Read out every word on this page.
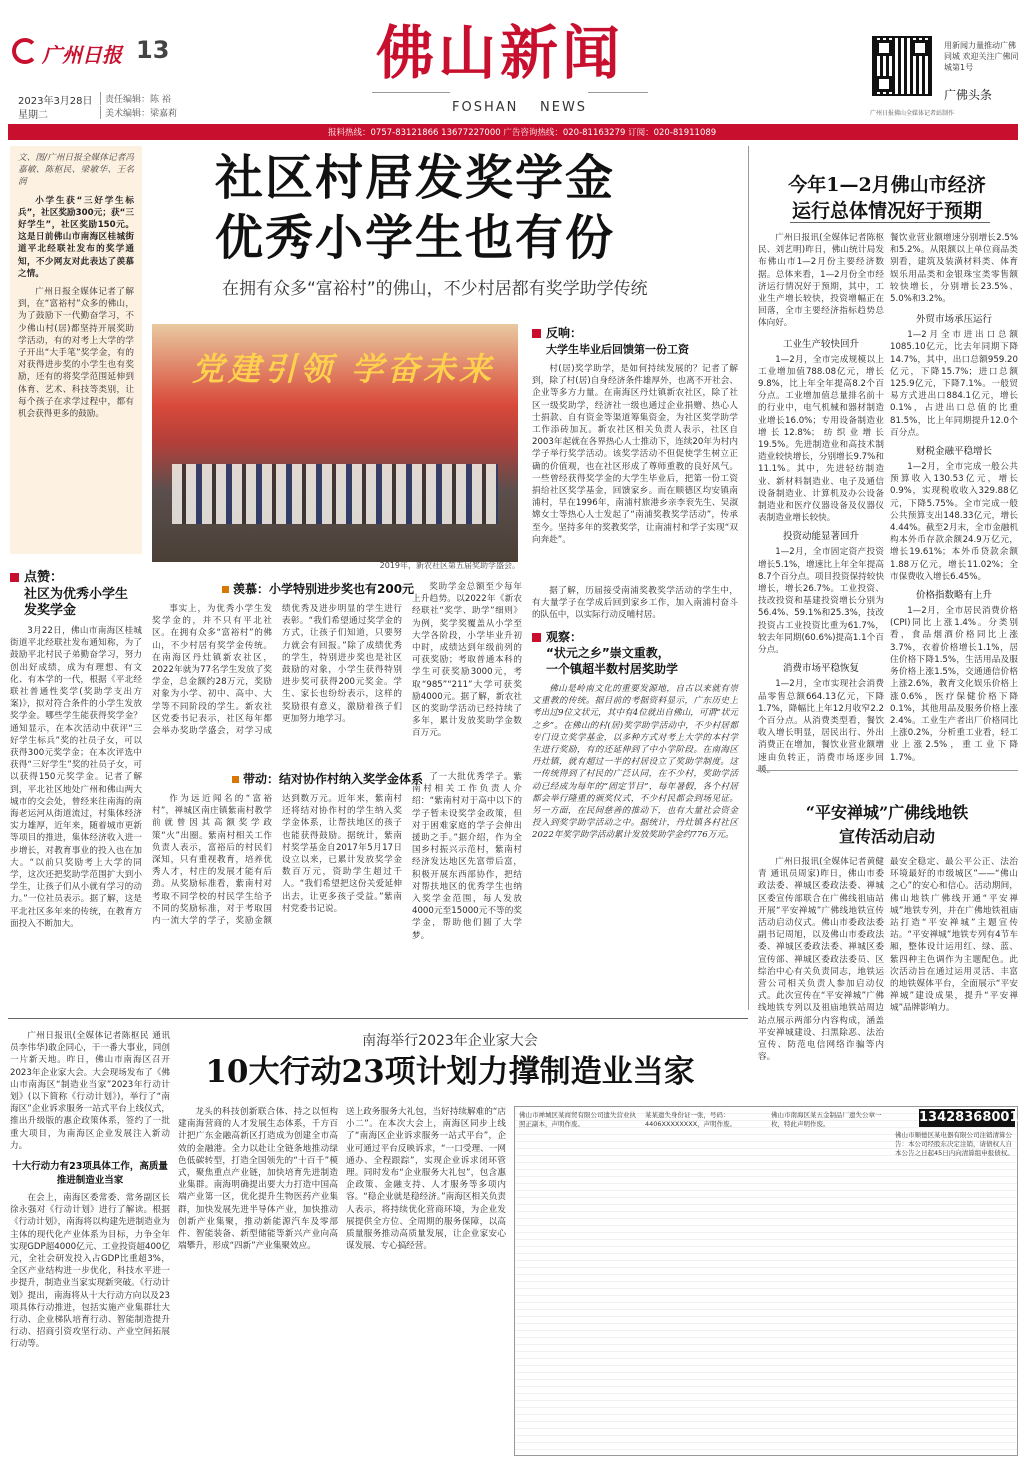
广州日报 13
2023年3月28日
星期二
责任编辑：陈 裕
美术编辑：梁嘉莉
佛山新闻
FOSHAN NEWS
用新闻力量推动广佛同城 欢迎关注广佛同城第1号
广佛头条
广州日报佛山全媒体记者站制作
报料热线：0757-83121866 13677227000 广告咨询热线：020-81163279 订阅：020-81911089
文、图/广州日报全媒体记者冯嘉敏、陈枢民、梁敏华、王名润
小学生获“三好学生标兵”，社区奖励300元；获“三好学生”，社区奖励150元。这是日前佛山市南海区桂城街道平北经联社发布的奖学通知，不少网友对此表达了羡慕之情。
广州日报全媒体记者了解到，在“富裕村”众多的佛山，为了鼓励下一代勤奋学习，不少佛山村(居)都坚持开展奖助学活动，有的对考上大学的学子开出“大手笔”奖学金，有的对获得进步奖的小学生也有奖励，还有的将奖学范围延伸到体育、艺术、科技等类别，让每个孩子在求学过程中，都有机会获得更多的鼓励。
社区村居发奖学金
优秀小学生也有份
在拥有众多“富裕村”的佛山，不少村居都有奖学助学传统
党建引领 学奋未来
2019年，新农社区第五届奖助学盛会。
点赞：
社区为优秀小学生
发奖学金
3月22日，佛山市南海区桂城街道平北经联社发布通知称，为了鼓励平北村民子弟勤奋学习，努力创出好成绩，成为有理想、有文化、有本学的一代，根据《平北经联社普通性奖学(奖助学支出方案)》，拟对符合条件的小学生发放奖学金。哪些学生能获得奖学金？通知显示，在本次活动中获评“三好学生标兵”奖的社员子女，可以获得300元奖学金；在本次评选中获得“三好学生”奖的社员子女，可以获得150元奖学金。记者了解到，平北社区地处广州和佛山两大城市的交会处，曾经来往南海的南海老运河从街道流过，村集体经济实力雄厚，近年来，随着城市更新等项目的推进，集体经济收入进一步增长，对教育事业的投入也在加大。“以前只奖励考上大学的同学，这次还把奖助学范围扩大到小学生，让孩子们从小就有学习的动力。”一位社员表示。据了解，这是平北社区多年来的传统，在教育方面投入不断加大。
羡慕：小学特别进步奖也有200元
事实上，为优秀小学生发奖学金的，并不只有平北社区。在拥有众多“富裕村”的佛山，不少村居有奖学金传统。在南海区丹灶镇新农社区，2022年就为77名学生发放了奖学金，总金额约28万元，奖励对象为小学、初中、高中、大学等不同阶段的学生。新农社区党委书记表示，社区每年都会举办奖助学盛会，对学习成绩优秀及进步明显的学生进行表彰。“我们希望通过奖学金的方式，让孩子们知道，只要努力就会有回报。”除了成绩优秀的学生，特别进步奖也是社区鼓励的对象，小学生获得特别进步奖可获得200元奖金。学生、家长也纷纷表示，这样的奖励很有意义，激励着孩子们更加努力地学习。
奖助学金总额至少每年上升趋势。以2022年《新农经联社“奖学、助学”细则》为例，奖学奖覆盖从小学至大学各阶段，小学毕业升初中时，成绩达到年级前列的可获奖励；考取普通本科的学生可获奖励3000元，考取“985”“211”大学可获奖励4000元。据了解，新农社区的奖助学活动已经持续了多年，累计发放奖助学金数百万元。
带动：结对协作村纳入奖学金体系
作为远近闻名的“富裕村”，禅城区南庄镇紫南村教学前就曾因其高额奖学政策“火”出圈。紫南村相关工作负责人表示，富裕后的村民们深知，只有重视教育，培养优秀人才，村庄的发展才能有后劲。从奖励标准看，紫南村对考取不同学校的村民学生给予不同的奖励标准，对于考取国内一流大学的学子，奖励金额达到数万元。近年来，紫南村还将结对协作村的学生纳入奖学金体系，让帮扶地区的孩子也能获得鼓励。据统计，紫南村奖学基金自2017年5月17日设立以来，已累计发放奖学金数百万元，资助学生超过千人。“我们希望把这份关爱延伸出去，让更多孩子受益。”紫南村党委书记说。
了一大批优秀学子。紫南村相关工作负责人介绍：“紫南村对于高中以下的学子暂未设奖学金政策，但对于困难家庭的学子会伸出援助之手。”据介绍，作为全国乡村振兴示范村，紫南村经济发达地区先富带后富，积极开展东西部协作，把结对帮扶地区的优秀学生也纳入奖学金范围，每人发放4000元至15000元不等的奖学金，帮助他们圆了大学梦。
反响：
大学生毕业后回馈第一份工资
村(居)奖学助学，是如何持续发展的？记者了解到，除了村(居)自身经济条件雄厚外，也离不开社会、企业等多方力量。在南海区丹灶镇新农社区，除了社区一级奖助学，经济社一级也通过企业捐赠、热心人士捐款、自有资金等渠道筹集资金，为社区奖学助学工作添砖加瓦。新农社区相关负责人表示，社区自2003年起就在各界热心人士推动下，连续20年为村内学子举行奖学活动。该奖学活动不但促使学生树立正确的价值观，也在社区形成了尊师重教的良好风气。一些曾经获得奖学金的大学生毕业后，把第一份工资捐给社区奖学基金，回馈家乡。而在顺德区均安镇南浦村，早在1996年，南浦村旅港乡亲李衮先生、吴淑嫦女士等热心人士发起了“南浦奖教奖学活动”，传承至今。坚持多年的奖教奖学，让南浦村和学子实现“双向奔赴”。
据了解，历届接受南浦奖教奖学活动的学生中，有大量学子在学成后回到家乡工作，加入南浦村奋斗的队伍中，以实际行动反哺村居。
观察：
“状元之乡”崇文重教，
一个镇超半数村居奖助学
佛山是岭南文化的重要发源地，自古以来就有崇文重教的传统。据目前的考据资料显示，广东历史上考出过9位文状元，其中有4位就出自佛山，可谓“状元之乡”。在佛山的村(居)奖学助学活动中，不少村居都专门设立奖学基金，以多种方式对考上大学的本村学生进行奖励，有的还延伸到了中小学阶段。在南海区丹灶镇，就有超过一半的村居设立了奖助学制度。这一传统得到了村民的广泛认同，在不少村，奖助学活动已经成为每年的“固定节目”，每年暑假，各个村居都会举行隆重的颁奖仪式，不少村民都会到场见证。另一方面，在民间慈善的推动下，也有大量社会资金投入到奖学助学活动之中。据统计，丹灶镇各村社区2022年奖学助学活动累计发放奖助学金约776万元。
今年1—2月佛山市经济
运行总体情况好于预期
广州日报讯(全媒体记者陈枢民、刘艺明)昨日，佛山统计局发布佛山市1—2月份主要经济数据。总体来看，1—2月份全市经济运行情况好于预期，其中，工业生产增长较快，投资增幅正在回落，全市主要经济指标趋势总体向好。
工业生产较快回升
1—2月，全市完成规模以上工业增加值788.08亿元，增长9.8%，比上年全年提高8.2个百分点。工业增加值总量排名前十的行业中，电气机械和器材制造业增长16.0%；专用设备制造业增长12.8%；纺织业增长19.5%。先进制造业和高技术制造业较快增长，分别增长9.7%和11.1%。其中，先进轻纺制造业、新材料制造业、电子及通信设备制造业、计算机及办公设备制造业和医疗仪器设备及仪器仪表制造业增长较快。
投资动能显著回升
1—2月，全市固定资产投资增长5.1%，增速比上年全年提高8.7个百分点。项目投资保持较快增长，增长26.7%。工业投资、技改投资和基建投资增长分别为56.4%、59.1%和25.3%，技改投资占工业投资比重为61.7%，较去年同期(60.6%)提高1.1个百分点。
消费市场平稳恢复
1—2月，全市实现社会消费品零售总额664.13亿元，下降1.7%，降幅比上年12月收窄2.2个百分点。从消费类型看，餐饮收入增长明显，居民出行、外出消费正在增加，餐饮业营业额增速由负转正，消费市场逐步回
餐饮业营业额增速分别增长2.5%和5.2%。从限额以上单位商品类别看，建筑及装潢材料类、体育娱乐用品类和金银珠宝类零售额较快增长，分别增长23.5%、5.0%和3.2%。
外贸市场承压运行
1—2月全市进出口总额1085.10亿元，比去年同期下降14.7%，其中，出口总额959.20亿元，下降15.7%；进口总额125.9亿元，下降7.1%。一般贸易方式进出口884.1亿元，增长0.1%，占进出口总值的比重81.5%，比上年同期提升12.0个百分点。
财税金融平稳增长
1—2月，全市完成一般公共预算收入130.53亿元，增长0.9%，实现税收收入329.88亿元，下降5.75%。全市完成一般公共预算支出148.33亿元，增长4.44%。截至2月末，全市金融机构本外币存款余额24.9万亿元，增长19.61%；本外币贷款余额1.88万亿元，增长11.02%；全市保费收入增长6.45%。
价格指数略有上升
1—2月，全市居民消费价格(CPI)同比上涨1.4%。分类别看，食品烟酒价格同比上涨3.7%，衣着价格增长1.1%，居住价格下降1.5%，生活用品及服务价格上涨1.5%，交通通信价格上涨2.6%，教育文化娱乐价格上涨0.6%，医疗保健价格下降0.1%，其他用品及服务价格上涨2.4%。工业生产者出厂价格同比上涨0.2%，分析重工业看，轻工业上涨2.5%，重工业下降1.7%。
“平安禅城”广佛线地铁
宣传活动启动
广州日报讯(全媒体记者黄健青 通讯员周家)昨日，佛山市委政法委、禅城区委政法委、禅城区委宣传部联合在广佛线祖庙站开展“平安禅城”广佛线地铁宣传活动启动仪式。佛山市委政法委副书记周旭，以及佛山市委政法委、禅城区委政法委、禅城区委宣传部、禅城区委政法委员、区综治中心有关负责同志，地铁运营公司相关负责人参加启动仪式。此次宣传在“平安禅城”广佛线地铁专列以及祖庙地铁站周边站点展示两部分内容构成，涵盖平安禅城建设、扫黑除恶、法治宣传、防范电信网络诈骗等内容。
最安全稳定、最公平公正、法治环境最好的市级城区”——“佛山之心”的安心和信心。活动期间，佛山地铁广佛线开通“平安禅城”地铁专列，并在广佛地铁祖庙站打造“平安禅城”主题宣传站。“平安禅城”地铁专列有4节车厢，整体设计运用红、绿、蓝、紫四种主色调作为主题配色。此次活动旨在通过运用灵活、丰富的地铁媒体平台，全面展示“平安禅城”建设成果，提升“平安禅城”品牌影响力。
广州日报讯(全媒体记者陈枢民 通讯员李伟华)敢企同心，干一番大事业，同创一片新天地。昨日，佛山市南海区召开2023年企业家大会。大会现场发布了《佛山市南海区“制造业当家”2023年行动计划》(以下简称《行动计划》)，举行了“南海区”企业诉求服务一站式平台上线仪式，推出升级版的惠企政策体系，签约了一批重大项目，为南海区企业发展注入新动力。
十大行动力有23项具体工作，高质量推进制造业当家
在会上，南海区委常委、常务副区长徐永强对《行动计划》进行了解读。根据《行动计划》，南海将以构建先进制造业为主体的现代化产业体系为目标，力争全年实现GDP超4000亿元、工业投资超400亿元，全社会研发投入占GDP比重超3%，全区产业结构进一步优化，科技水平进一步提升，制造业当家实现新突破。《行动计划》提出，南海将从十大行动方向以及23项具体行动推进，包括实施产业集群壮大行动、企业梯队培育行动、智能制造提升行动、招商引资攻坚行动、产业空间拓展行动等。
南海举行2023年企业家大会
10大行动23项计划力撑制造业当家
龙头的科技创新联合体、持之以恒构建南海营商的人才发展生态体系，千方百计把广东金融高新区打造成为创建全市高效的金融港。全力以赴让全链条地推动绿色低碳转型，打造全国领先的“十百千”模式，聚焦重点产业链，加快培育先进制造业集群。南海明确提出要大力打造中国高端产业第一区，优化提升生物医药产业集群，加快发展先进半导体产业，加快推动创新产业集聚，推动新能源汽车及零部件、智能装备、新型储能等新兴产业向高端攀升，形成“四新”产业集聚效应。
送上政务服务大礼包，当好持续解难的“店小二”。在本次大会上，南海区同步上线了“南海区企业诉求服务一站式平台”，企业可通过平台反映诉求，“一口受理、一网通办、全程跟踪”，实现企业诉求闭环管理。同时发布“企业服务大礼包”，包含惠企政策、金融支持、人才服务等多项内容。“稳企业就是稳经济。”南海区相关负责人表示，将持续优化营商环境，为企业发展提供全方位、全周期的服务保障，以高质量服务推动高质量发展，让企业家安心谋发展、专心搞经营。
13428368001
佛山市禅城区某商贸有限公司遗失营业执照正副本，声明作废。
某某遗失身份证一张，号码：4406XXXXXXXX，声明作废。
佛山市南海区某五金制品厂遗失公章一枚，特此声明作废。
佛山市顺德区某电器有限公司注销清算公告：本公司经股东决定注销，请债权人自本公告之日起45日内向清算组申报债权。
